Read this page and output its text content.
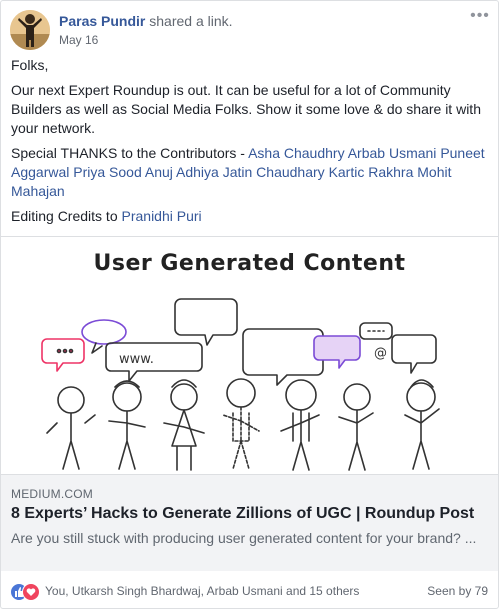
Paras Pundir shared a link.
May 16
•••

Folks,

Our next Expert Roundup is out. It can be useful for a lot of Community Builders as well as Social Media Folks. Show it some love & do share it with your network.

Special THANKS to the Contributors - Asha Chaudhry Arbab Usmani Puneet Aggarwal Priya Sood Anuj Adhiya Jatin Chaudhary Kartic Rakhra Mohit Mahajan

Editing Credits to Pranidhi Puri

User Generated Content
www.	@
MEDIUM.COM
8 Experts’ Hacks to Generate Zillions of UGC | Roundup Post
Are you still stuck with producing user generated content for your brand? ...
You, Utkarsh Singh Bhardwaj, Arbab Usmani and 15 others	Seen by 79
